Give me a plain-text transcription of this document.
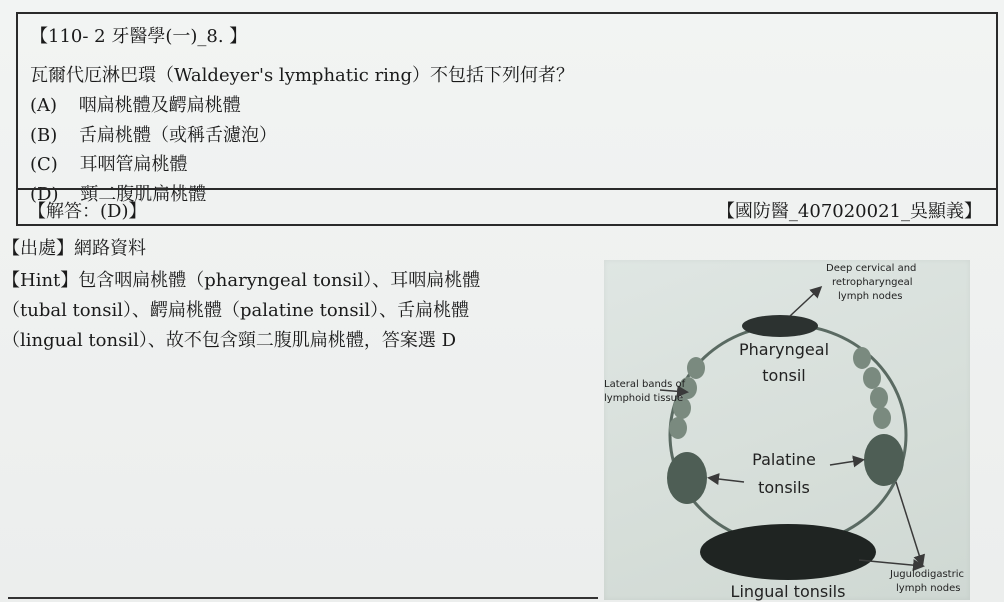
【110- 2 牙醫學(一)_8. 】
瓦爾代厄淋巴環（Waldeyer's lymphatic ring）不包括下列何者？
(A) 咽扁桃體及齶扁桃體
(B) 舌扁桃體（或稱舌濾泡）
(C) 耳咽管扁桃體
(D) 頸二腹肌扁桃體
【解答：(D)】	【國防醫_407020021_吳顯義】
【出處】網路資料
【Hint】包含咽扁桃體（pharyngeal tonsil）、耳咽扁桃體
（tubal tonsil）、齶扁桃體（palatine tonsil）、舌扁桃體
（lingual tonsil）、故不包含頸二腹肌扁桃體，答案選 D
Deep cervical and
retropharyngeal
lymph nodes
Pharyngeal
tonsil
Lateral bands of
lymphoid tissue
Palatine
tonsils
Lingual tonsils
Jugulodigastric
lymph nodes
